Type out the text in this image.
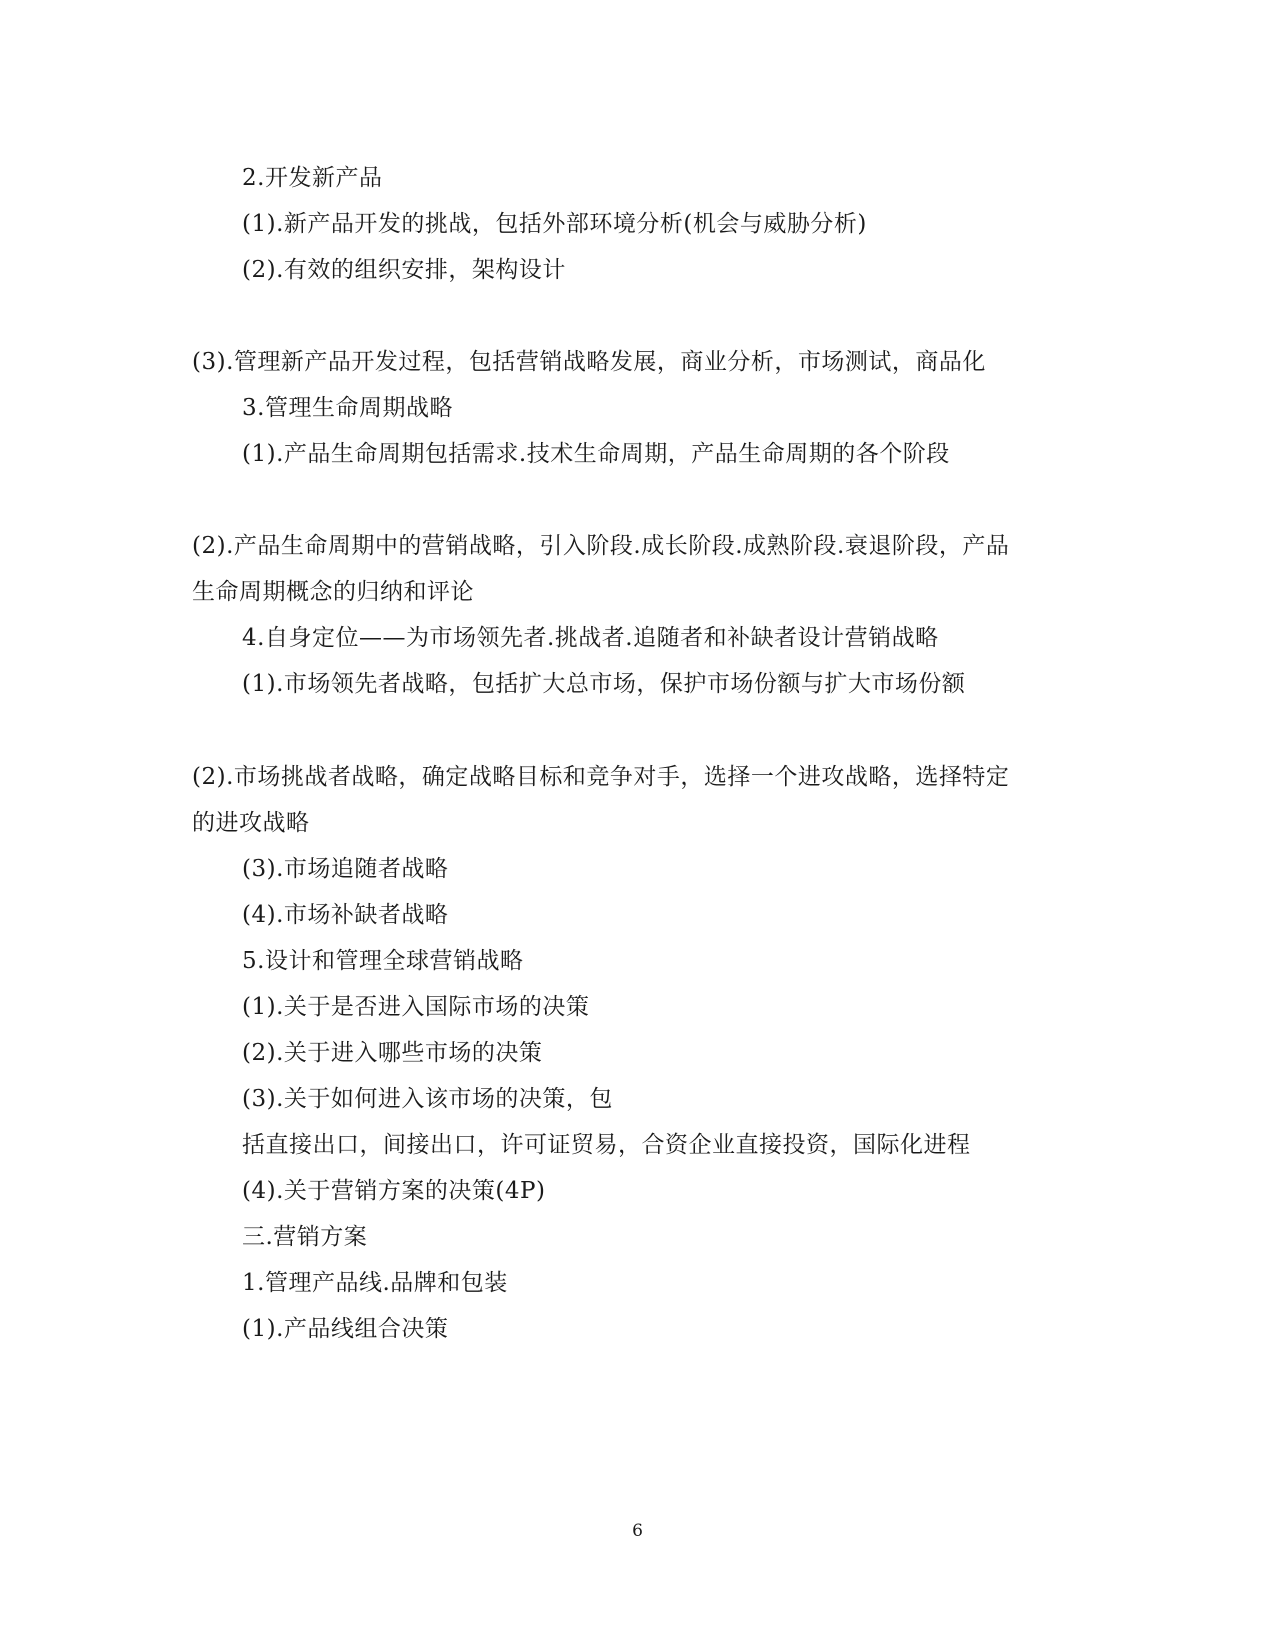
2.开发新产品
(1).新产品开发的挑战，包括外部环境分析(机会与威胁分析)
(2).有效的组织安排，架构设计
(3).管理新产品开发过程，包括营销战略发展，商业分析，市场测试，商品化
3.管理生命周期战略
(1).产品生命周期包括需求.技术生命周期，产品生命周期的各个阶段
(2).产品生命周期中的营销战略，引入阶段.成长阶段.成熟阶段.衰退阶段，产品
生命周期概念的归纳和评论
4.自身定位——为市场领先者.挑战者.追随者和补缺者设计营销战略
(1).市场领先者战略，包括扩大总市场，保护市场份额与扩大市场份额
(2).市场挑战者战略，确定战略目标和竞争对手，选择一个进攻战略，选择特定
的进攻战略
(3).市场追随者战略
(4).市场补缺者战略
5.设计和管理全球营销战略
(1).关于是否进入国际市场的决策
(2).关于进入哪些市场的决策
(3).关于如何进入该市场的决策，包
括直接出口，间接出口，许可证贸易，合资企业直接投资，国际化进程
(4).关于营销方案的决策(4P)
三.营销方案
1.管理产品线.品牌和包装
(1).产品线组合决策
6
